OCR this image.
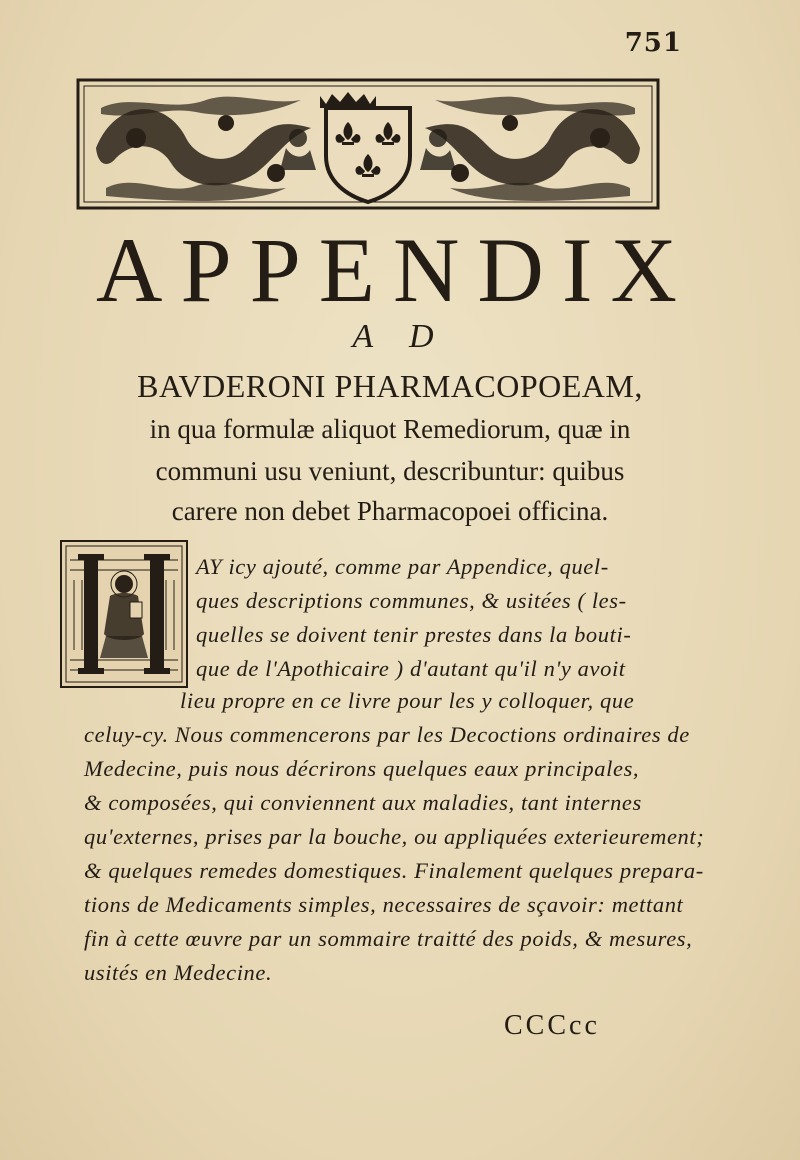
751
APPENDIX
A D
BAVDERONI PHARMACOPOEAM,
in qua formulæ aliquot Remediorum, quæ in
communi usu veniunt, describuntur: quibus
carere non debet Pharmacopoei officina.
AY icy ajouté, comme par Appendice, quel-
ques descriptions communes, & usitées ( les-
quelles se doivent tenir prestes dans la bouti-
que de l'Apothicaire ) d'autant qu'il n'y avoit
lieu propre en ce livre pour les y colloquer, que
celuy-cy. Nous commencerons par les Decoctions ordinaires de
Medecine, puis nous décrirons quelques eaux principales,
& composées, qui conviennent aux maladies, tant internes
qu'externes, prises par la bouche, ou appliquées exterieurement;
& quelques remedes domestiques. Finalement quelques prepara-
tions de Medicaments simples, necessaires de sçavoir: mettant
fin à cette œuvre par un sommaire traitté des poids, & mesures,
usités en Medecine.
CCCcc
